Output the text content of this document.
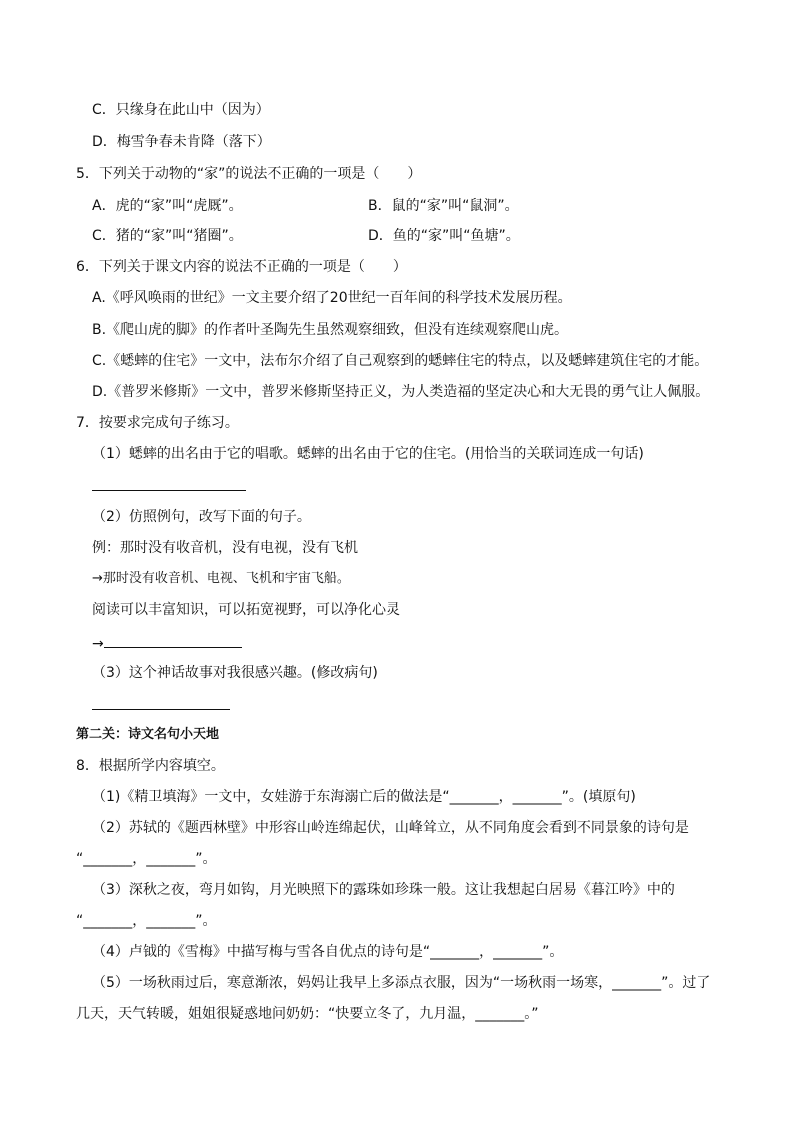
C．只缘身在此山中（因为）
D．梅雪争春未肯降（落下）
5．下列关于动物的“家”的说法不正确的一项是（　　）
A．虎的“家”叫“虎厩”。	B．鼠的“家”叫“鼠洞”。
C．猪的“家”叫“猪圈”。	D．鱼的“家”叫“鱼塘”。
6．下列关于课文内容的说法不正确的一项是（　　）
A.《呼风唤雨的世纪》一文主要介绍了20世纪一百年间的科学技术发展历程。
B.《爬山虎的脚》的作者叶圣陶先生虽然观察细致，但没有连续观察爬山虎。
C.《蟋蟀的住宅》一文中，法布尔介绍了自己观察到的蟋蟀住宅的特点，以及蟋蟀建筑住宅的才能。
D.《普罗米修斯》一文中，普罗米修斯坚持正义，为人类造福的坚定决心和大无畏的勇气让人佩服。
7．按要求完成句子练习。
（1）蟋蟀的出名由于它的唱歌。蟋蟀的出名由于它的住宅。(用恰当的关联词连成一句话)
（2）仿照例句，改写下面的句子。
例：那时没有收音机，没有电视，没有飞机
→那时没有收音机、电视、飞机和宇宙飞船。
阅读可以丰富知识，可以拓宽视野，可以净化心灵
→
（3）这个神话故事对我很感兴趣。(修改病句)
第二关：诗文名句小天地
8．根据所学内容填空。
（1)《精卫填海》一文中，女娃游于东海溺亡后的做法是“_______，_______”。(填原句)
（2）苏轼的《题西林壁》中形容山岭连绵起伏，山峰耸立，从不同角度会看到不同景象的诗句是
“_______，_______”。
（3）深秋之夜，弯月如钩，月光映照下的露珠如珍珠一般。这让我想起白居易《暮江吟》中的
“_______，_______”。
（4）卢钺的《雪梅》中描写梅与雪各自优点的诗句是“_______，_______”。
（5）一场秋雨过后，寒意渐浓，妈妈让我早上多添点衣服，因为“一场秋雨一场寒，_______”。过了
几天，天气转暖，姐姐很疑惑地问奶奶：“快要立冬了，九月温，_______。”
